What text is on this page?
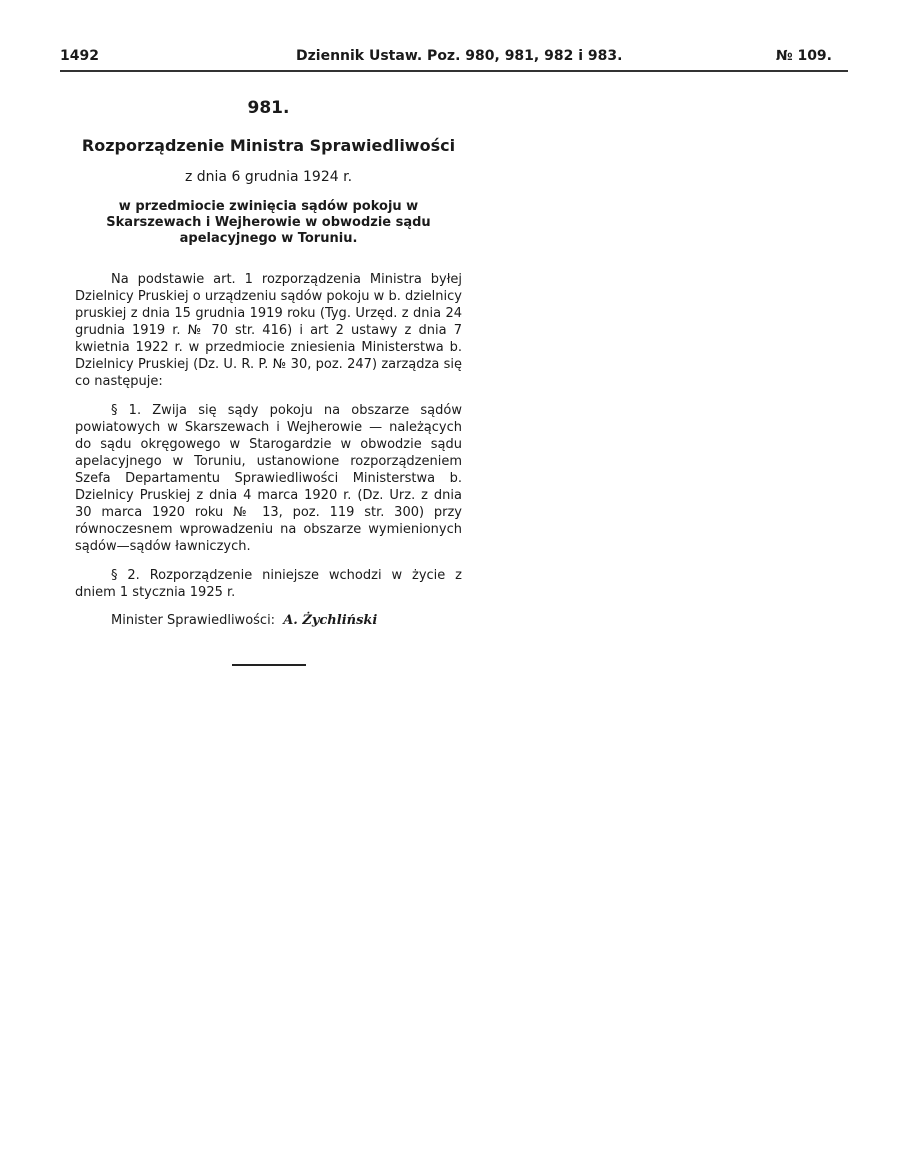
1492	Dziennik Ustaw. Poz. 980, 981, 982 i 983.	№ 109.
981.
Rozporządzenie Ministra Sprawiedliwości
z dnia 6 grudnia 1924 r.
w przedmiocie zwinięcia sądów pokoju w Skarszewach i Wejherowie w obwodzie sądu apelacyjnego w Toruniu.

Na podstawie art. 1 rozporządzenia Ministra byłej Dzielnicy Pruskiej o urządzeniu sądów pokoju w b. dzielnicy pruskiej z dnia 15 grudnia 1919 roku (Tyg. Urzęd. z dnia 24 grudnia 1919 r. № 70 str. 416) i art 2 ustawy z dnia 7 kwietnia 1922 r. w przedmiocie zniesienia Ministerstwa b. Dzielnicy Pruskiej (Dz. U. R. P. № 30, poz. 247) zarządza się co następuje:

§ 1. Zwija się sądy pokoju na obszarze sądów powiatowych w Skarszewach i Wejherowie — należących do sądu okręgowego w Starogardzie w obwodzie sądu apelacyjnego w Toruniu, ustanowione rozporządzeniem Szefa Departamentu Sprawiedliwości Ministerstwa b. Dzielnicy Pruskiej z dnia 4 marca 1920 r. (Dz. Urz. z dnia 30 marca 1920 roku № 13, poz. 119 str. 300) przy równoczesnem wprowadzeniu na obszarze wymienionych sądów—sądów ławniczych.

§ 2. Rozporządzenie niniejsze wchodzi w życie z dniem 1 stycznia 1925 r.

Minister Sprawiedliwości: A. Żychliński
